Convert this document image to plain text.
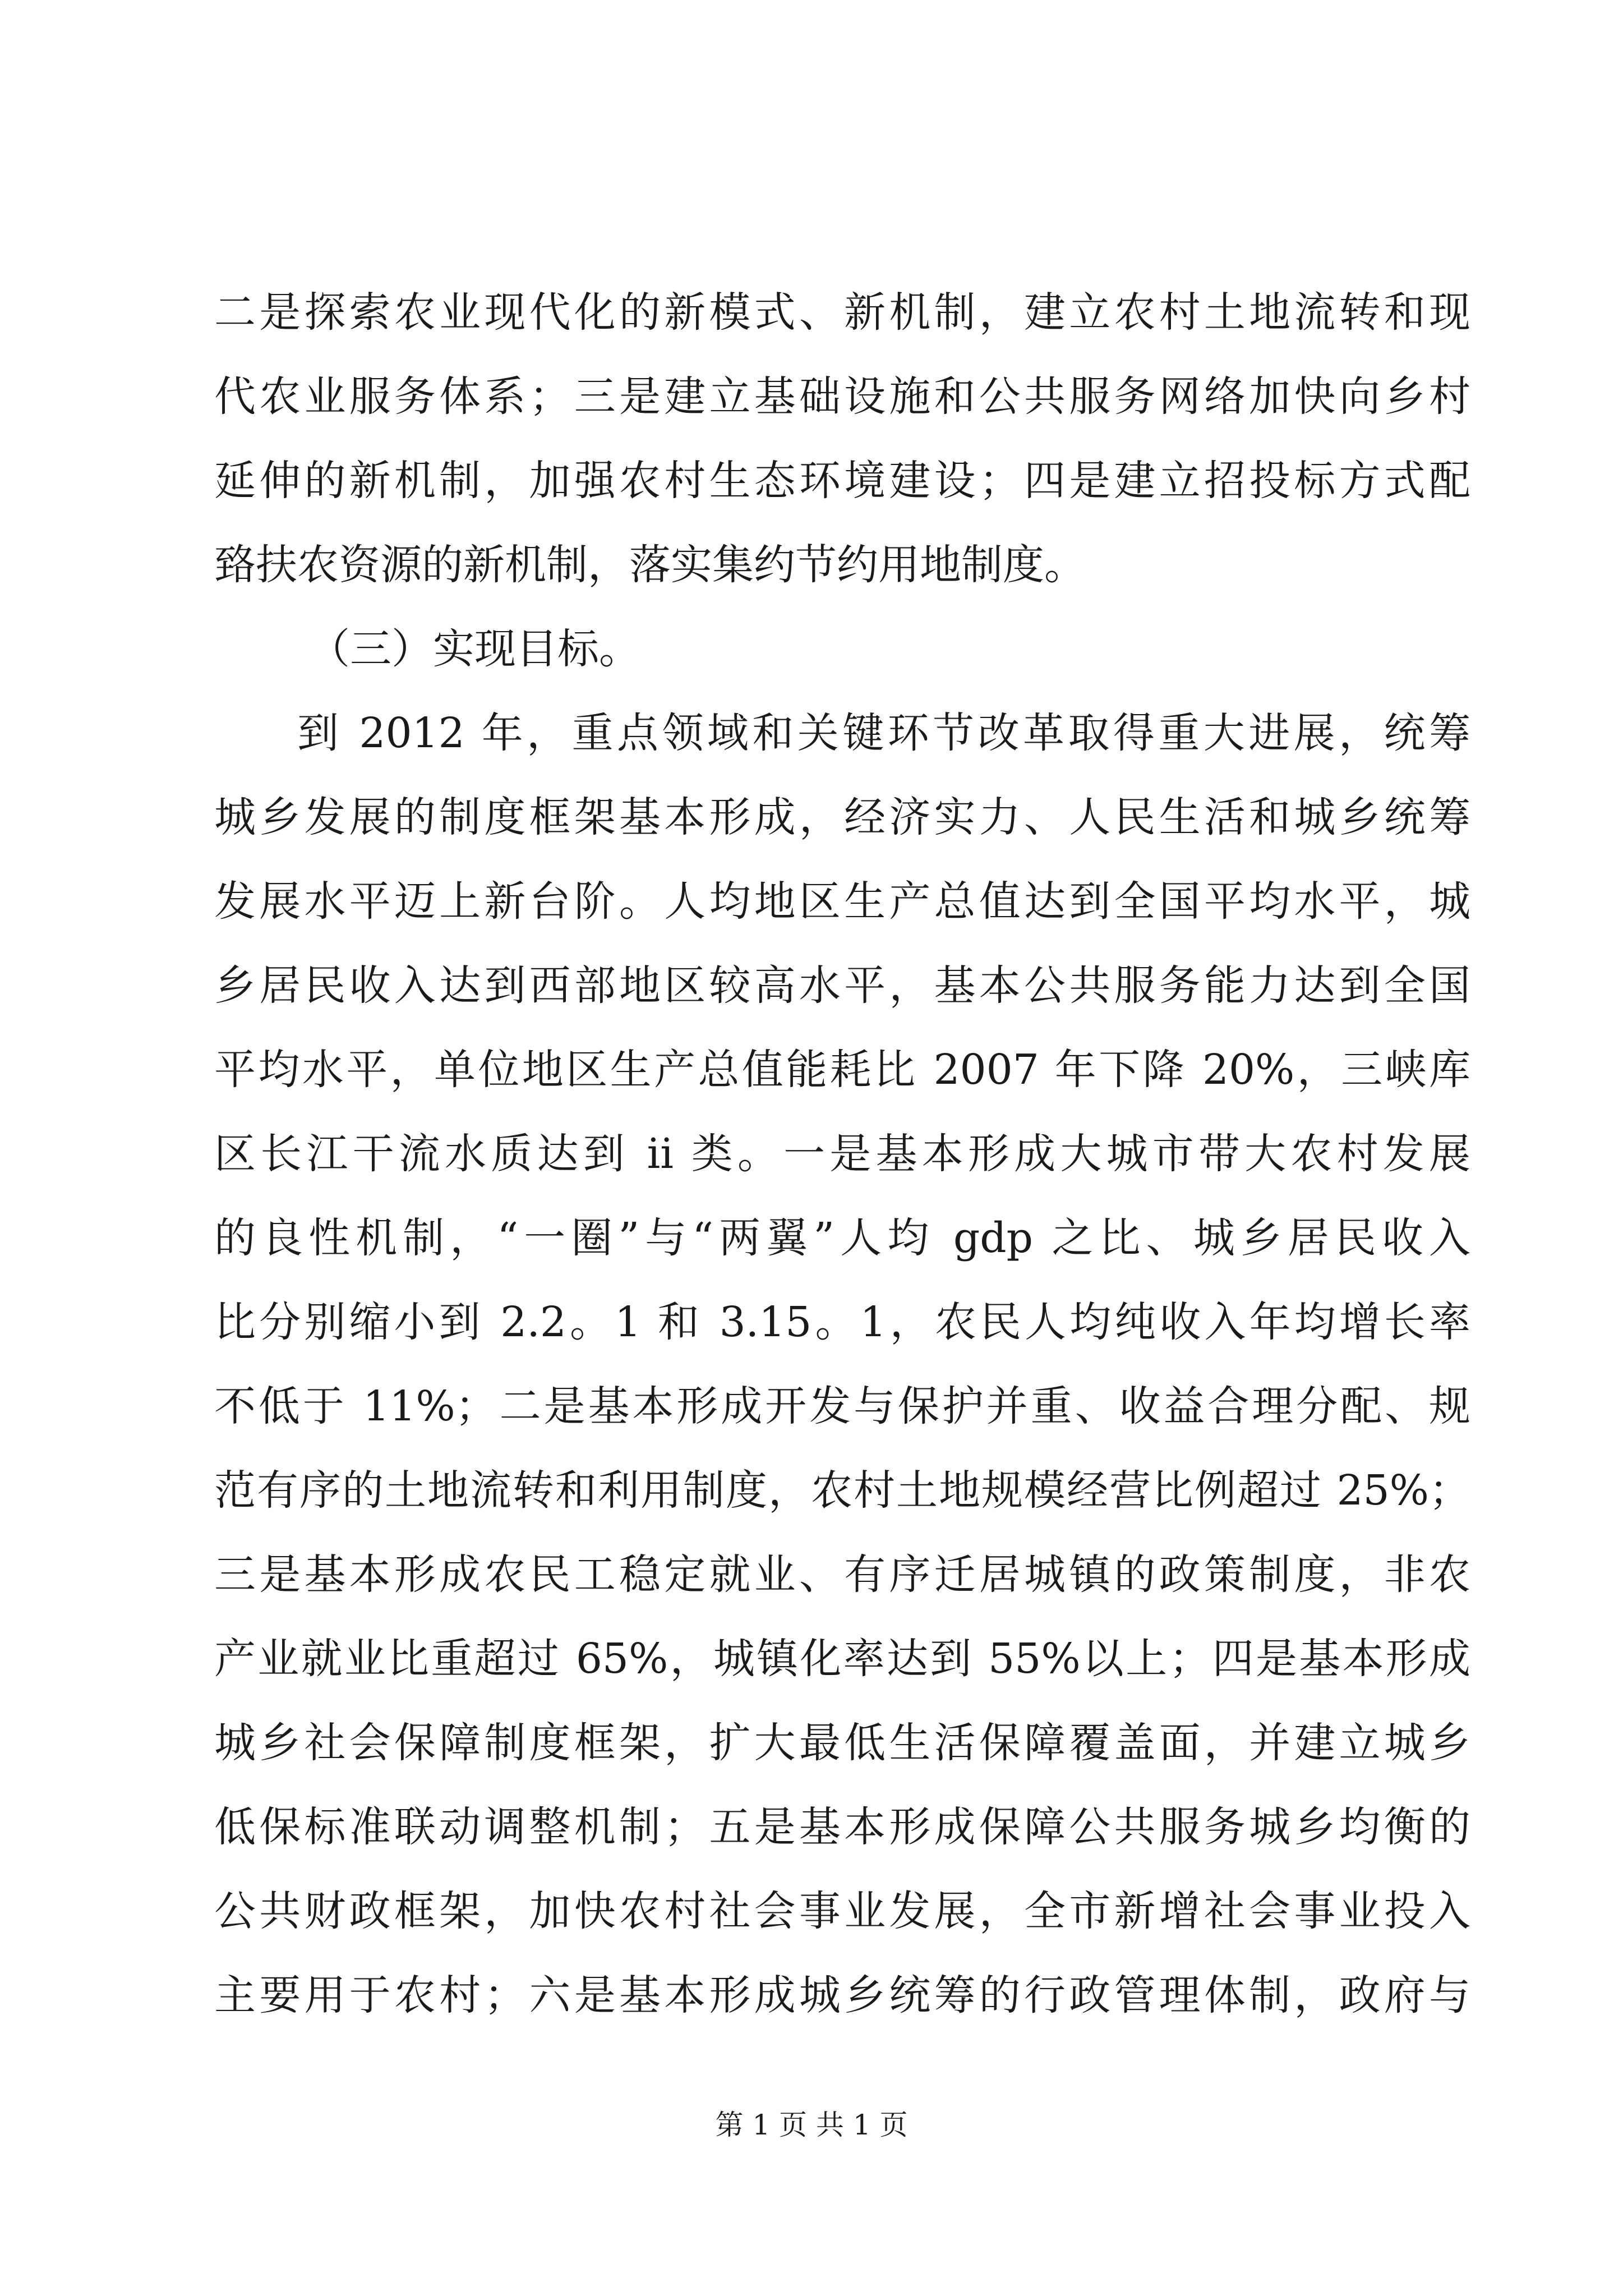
二是探索农业现代化的新模式、新机制，建立农村土地流转和现
代农业服务体系；三是建立基础设施和公共服务网络加快向乡村
延伸的新机制，加强农村生态环境建设；四是建立招投标方式配
臵扶农资源的新机制，落实集约节约用地制度。
（三）实现目标。
到 2012 年，重点领域和关键环节改革取得重大进展，统筹
城乡发展的制度框架基本形成，经济实力、人民生活和城乡统筹
发展水平迈上新台阶。人均地区生产总值达到全国平均水平，城
乡居民收入达到西部地区较高水平，基本公共服务能力达到全国
平均水平，单位地区生产总值能耗比 2007 年下降 20%，三峡库
区长江干流水质达到 ii 类。一是基本形成大城市带大农村发展
的良性机制，“一圈”与“两翼”人均 gdp 之比、城乡居民收入
比分别缩小到 2.2。1 和 3.15。1，农民人均纯收入年均增长率
不低于 11%；二是基本形成开发与保护并重、收益合理分配、规
范有序的土地流转和利用制度，农村土地规模经营比例超过 25%；
三是基本形成农民工稳定就业、有序迁居城镇的政策制度，非农
产业就业比重超过 65%，城镇化率达到 55%以上；四是基本形成
城乡社会保障制度框架，扩大最低生活保障覆盖面，并建立城乡
低保标准联动调整机制；五是基本形成保障公共服务城乡均衡的
公共财政框架，加快农村社会事业发展，全市新增社会事业投入
主要用于农村；六是基本形成城乡统筹的行政管理体制，政府与
第 1 页 共 1 页
